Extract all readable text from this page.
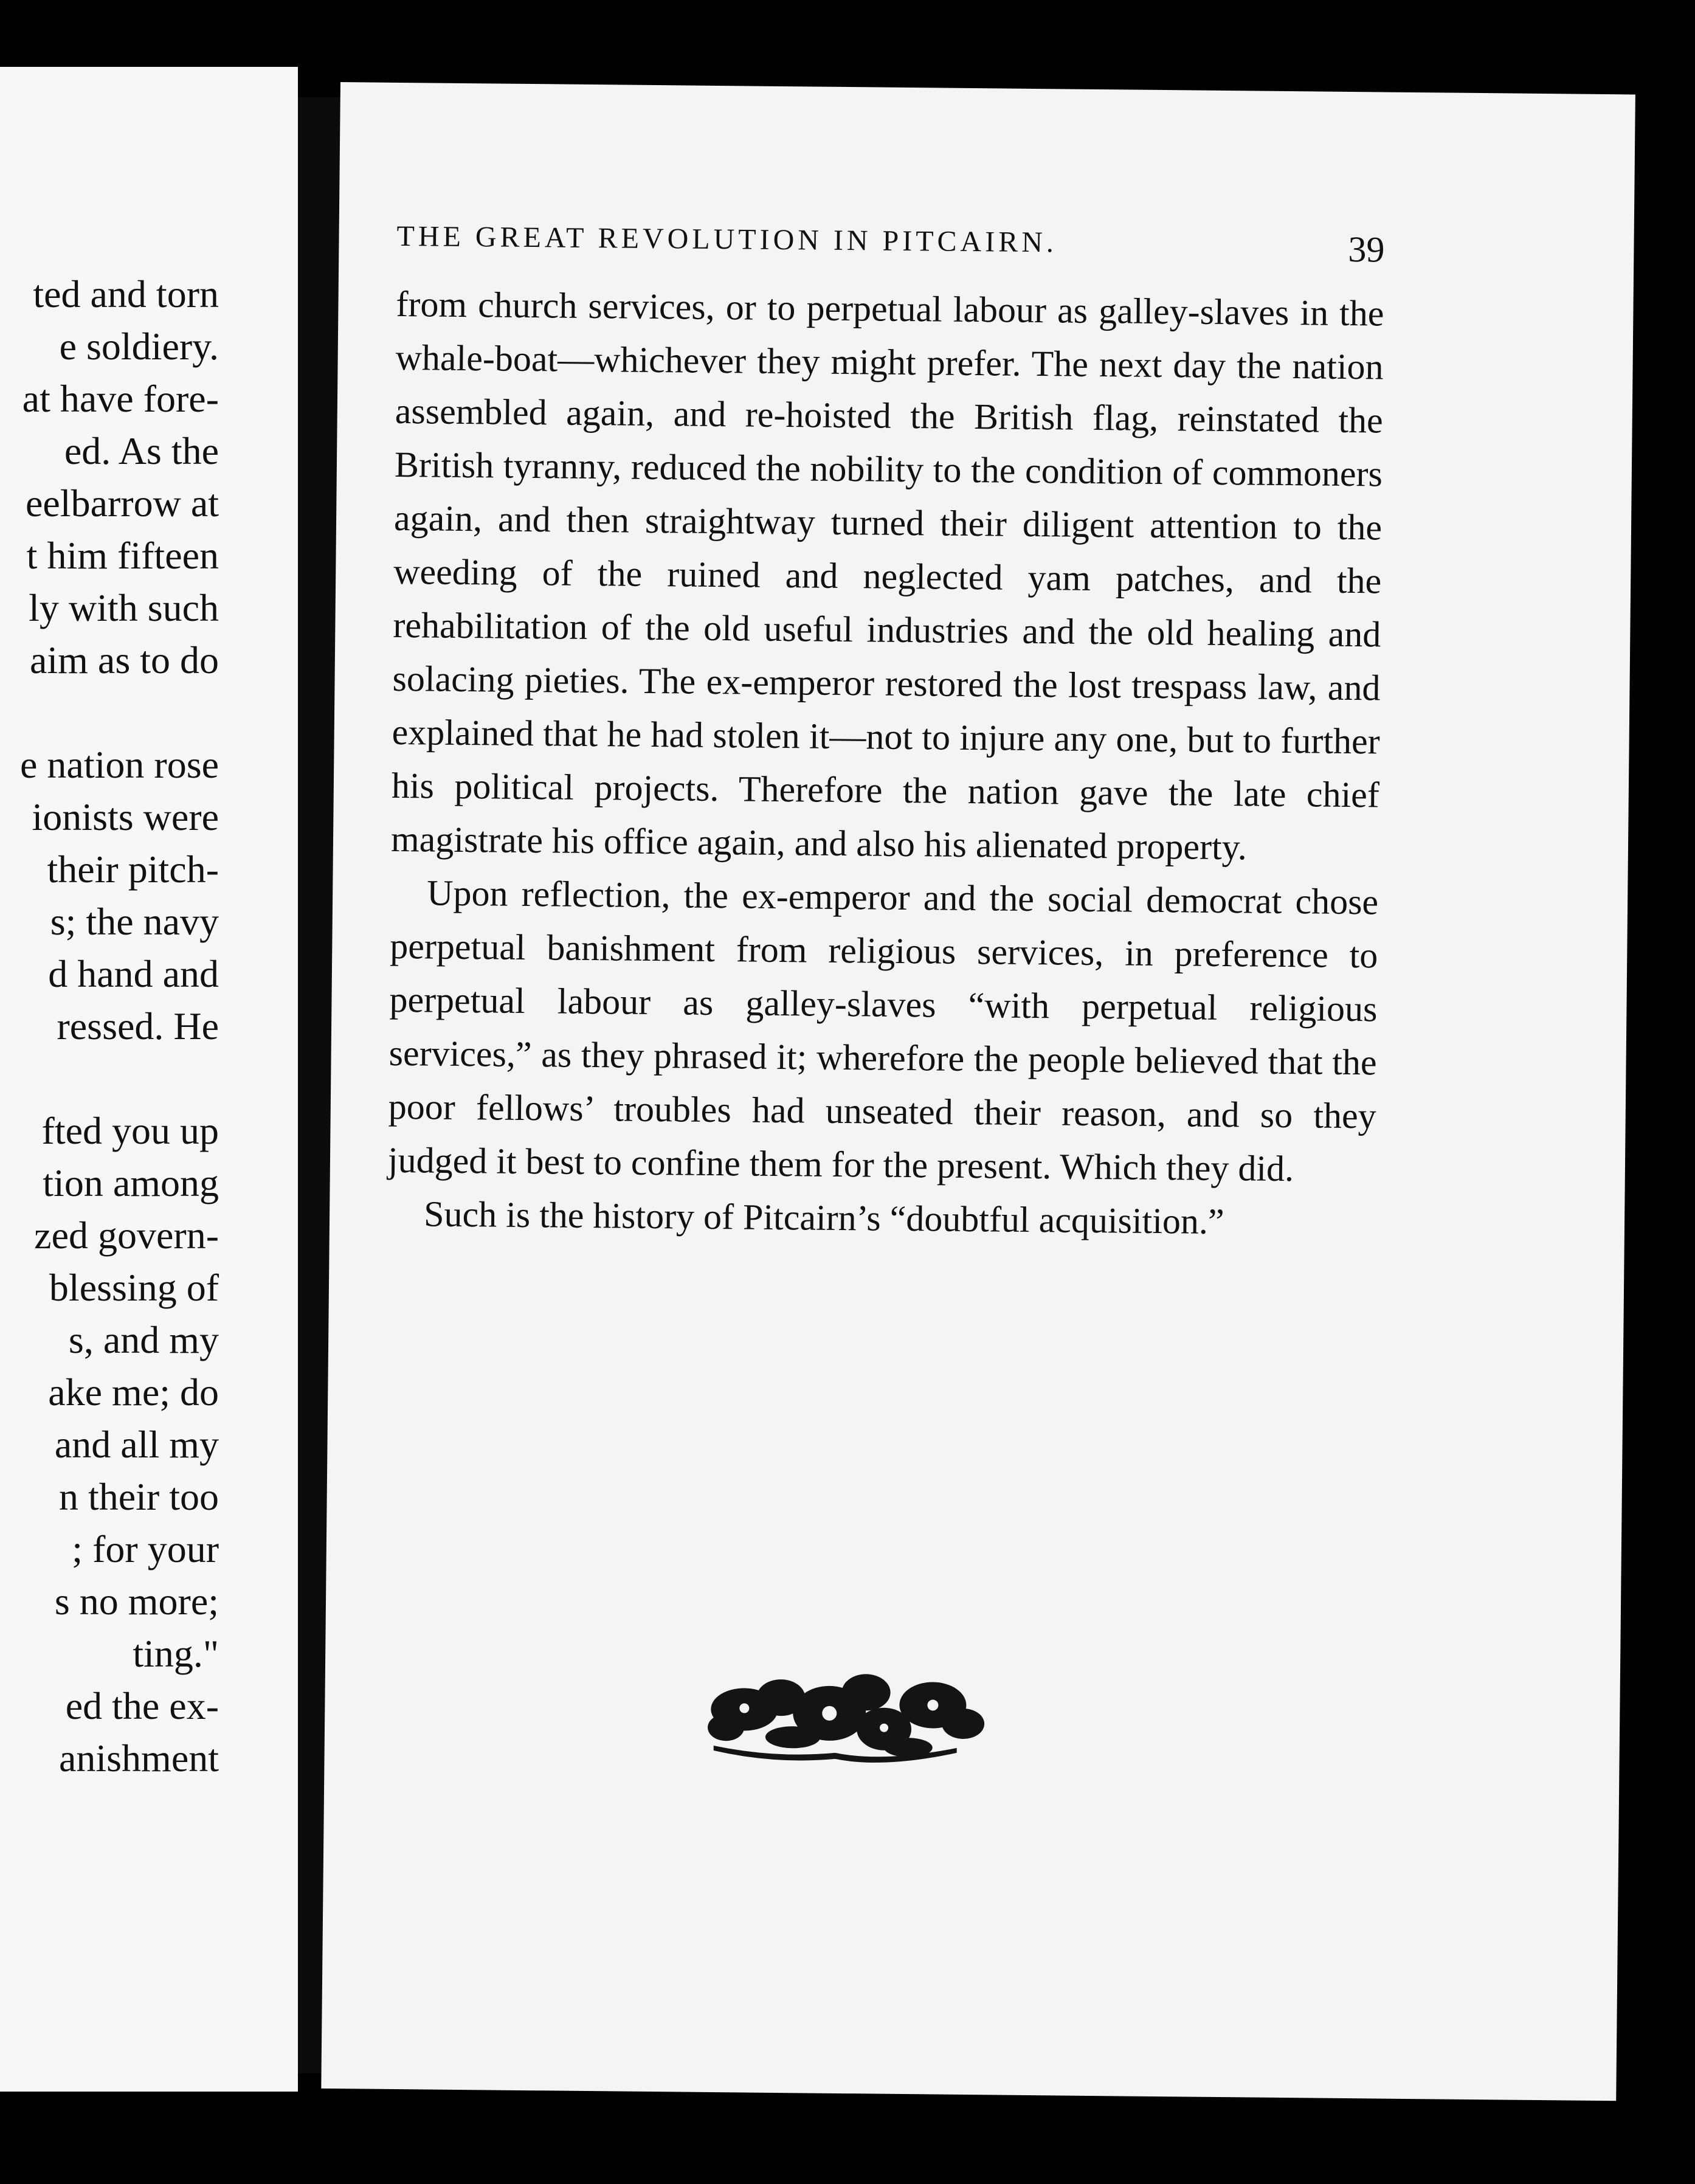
ted and torn
e soldiery.
at have fore-
ed. As the
eelbarrow at
t him fifteen
ly with such
aim as to do
e nation rose
ionists were
their pitch-
s; the navy
d hand and
ressed. He
fted you up
tion among
zed govern-
blessing of
s, and my
ake me; do
and all my
n their too
; for your
s no more;
ting."
ed the ex-
anishment
THE GREAT REVOLUTION IN PITCAIRN.	39

from church services, or to perpetual labour as galley-slaves in the whale-boat—whichever they might prefer. The next day the nation assembled again, and re-hoisted the British flag, reinstated the British tyranny, reduced the nobility to the condition of commoners again, and then straightway turned their diligent attention to the weeding of the ruined and neglected yam patches, and the rehabilitation of the old useful industries and the old healing and solacing pieties. The ex-emperor restored the lost trespass law, and explained that he had stolen it—not to injure any one, but to further his political projects. Therefore the nation gave the late chief magistrate his office again, and also his alienated property.

Upon reflection, the ex-emperor and the social democrat chose perpetual banishment from religious services, in preference to perpetual labour as galley-slaves “with perpetual religious services,” as they phrased it; wherefore the people believed that the poor fellows’ troubles had unseated their reason, and so they judged it best to confine them for the present. Which they did.

Such is the history of Pitcairn’s “doubtful acquisition.”
